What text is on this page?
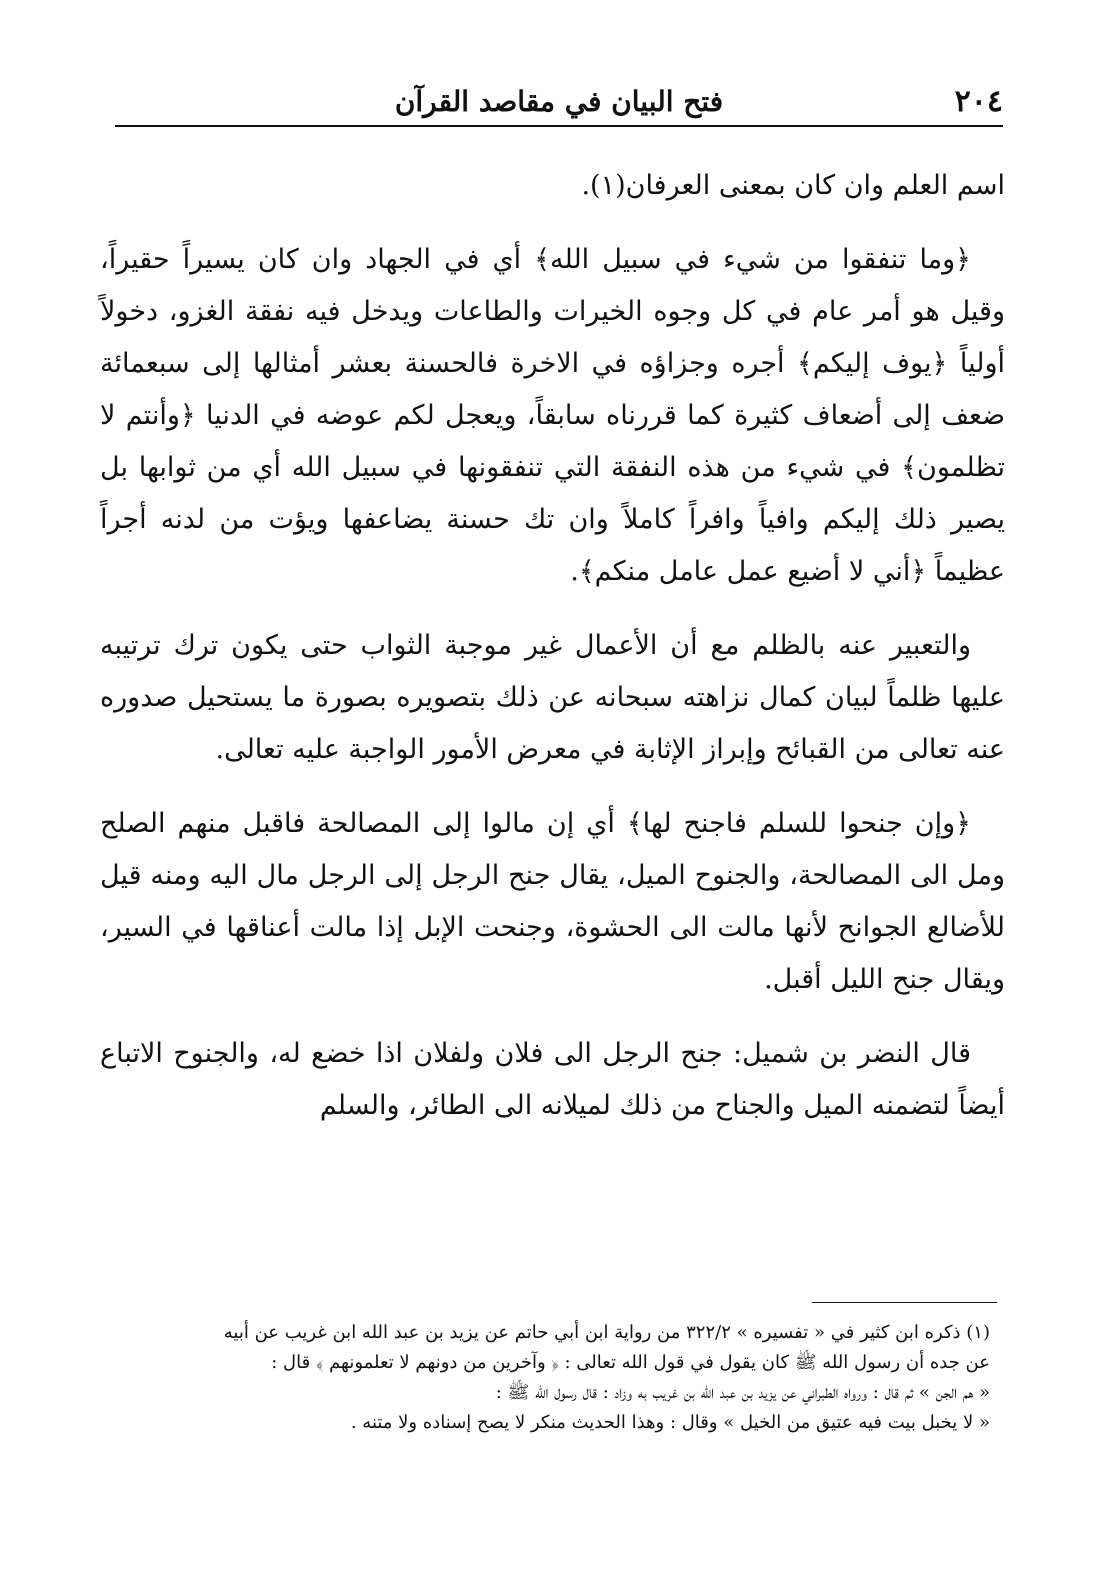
٢٠٤
فتح البيان في مقاصد القرآن

اسم العلم وان كان بمعنى العرفان(١).

﴿وما تنفقوا من شيء في سبيل الله﴾ أي في الجهاد وان كان يسيراً حقيراً، وقيل هو أمر عام في كل وجوه الخيرات والطاعات ويدخل فيه نفقة الغزو، دخولاً أولياً ﴿يوف إليكم﴾ أجره وجزاؤه في الاخرة فالحسنة بعشر أمثالها إلى سبعمائة ضعف إلى أضعاف كثيرة كما قررناه سابقاً، ويعجل لكم عوضه في الدنيا ﴿وأنتم لا تظلمون﴾ في شيء من هذه النفقة التي تنفقونها في سبيل الله أي من ثوابها بل يصير ذلك إليكم وافياً وافراً كاملاً وان تك حسنة يضاعفها ويؤت من لدنه أجراً عظيماً ﴿أني لا أضيع عمل عامل منكم﴾.

والتعبير عنه بالظلم مع أن الأعمال غير موجبة الثواب حتى يكون ترك ترتيبه عليها ظلماً لبيان كمال نزاهته سبحانه عن ذلك بتصويره بصورة ما يستحيل صدوره عنه تعالى من القبائح وإبراز الإثابة في معرض الأمور الواجبة عليه تعالى.

﴿وإن جنحوا للسلم فاجنح لها﴾ أي إن مالوا إلى المصالحة فاقبل منهم الصلح ومل الى المصالحة، والجنوح الميل، يقال جنح الرجل إلى الرجل مال اليه ومنه قيل للأضالع الجوانح لأنها مالت الى الحشوة، وجنحت الإبل إذا مالت أعناقها في السير، ويقال جنح الليل أقبل.

قال النضر بن شميل: جنح الرجل الى فلان ولفلان اذا خضع له، والجنوح الاتباع أيضاً لتضمنه الميل والجناح من ذلك لميلانه الى الطائر، والسلم

(١) ذكره ابن كثير في « تفسيره » ٣٢٢/٢ من رواية ابن أبي حاتم عن يزيد بن عبد الله ابن غريب عن أبيه

عن جده أن رسول الله ﷺ كان يقول في قول الله تعالى : ﴿ وآخرين من دونهم لا تعلمونهم ﴾ قال :

« هم الجن » ثم قال : ورواه الطبراني عن يزيد بن عبد الله بن غريب به وزاد : قال رسول الله ﷺ :

« لا يخبل بيت فيه عتيق من الخيل » وقال : وهذا الحديث منكر لا يصح إسناده ولا متنه .
